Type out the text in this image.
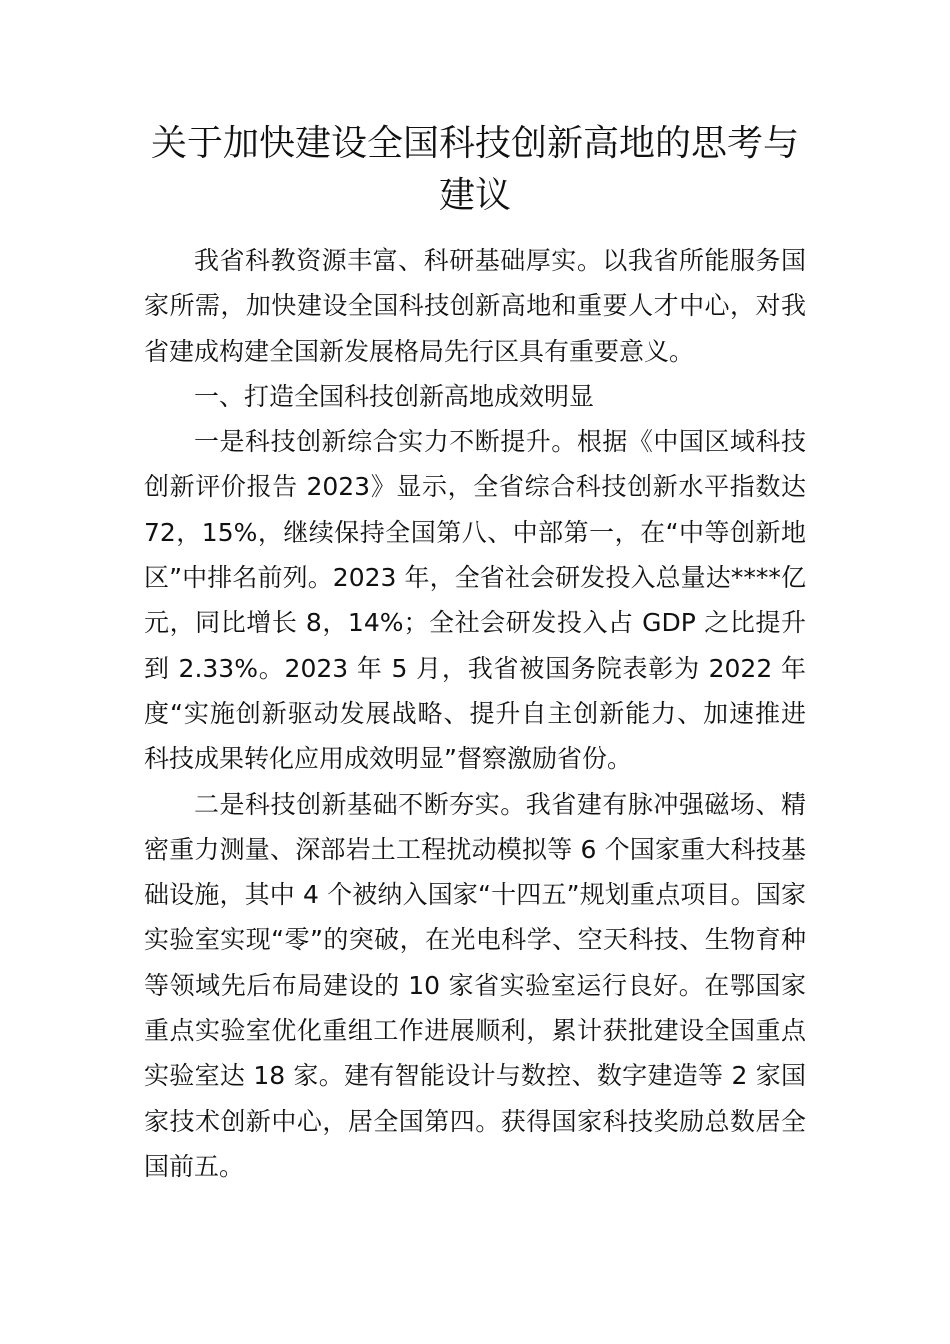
关于加快建设全国科技创新高地的思考与建议

我省科教资源丰富、科研基础厚实。以我省所能服务国家所需，加快建设全国科技创新高地和重要人才中心，对我省建成构建全国新发展格局先行区具有重要意义。

一、打造全国科技创新高地成效明显

一是科技创新综合实力不断提升。根据《中国区域科技创新评价报告 2023》显示，全省综合科技创新水平指数达 72，15%，继续保持全国第八、中部第一，在“中等创新地区”中排名前列。2023 年，全省社会研发投入总量达****亿元，同比增长 8，14%；全社会研发投入占 GDP 之比提升到 2.33%。2023 年 5 月，我省被国务院表彰为 2022 年度“实施创新驱动发展战略、提升自主创新能力、加速推进科技成果转化应用成效明显”督察激励省份。

二是科技创新基础不断夯实。我省建有脉冲强磁场、精密重力测量、深部岩土工程扰动模拟等 6 个国家重大科技基础设施，其中 4 个被纳入国家“十四五”规划重点项目。国家实验室实现“零”的突破，在光电科学、空天科技、生物育种等领域先后布局建设的 10 家省实验室运行良好。在鄂国家重点实验室优化重组工作进展顺利，累计获批建设全国重点实验室达 18 家。建有智能设计与数控、数字建造等 2 家国家技术创新中心，居全国第四。获得国家科技奖励总数居全国前五。
